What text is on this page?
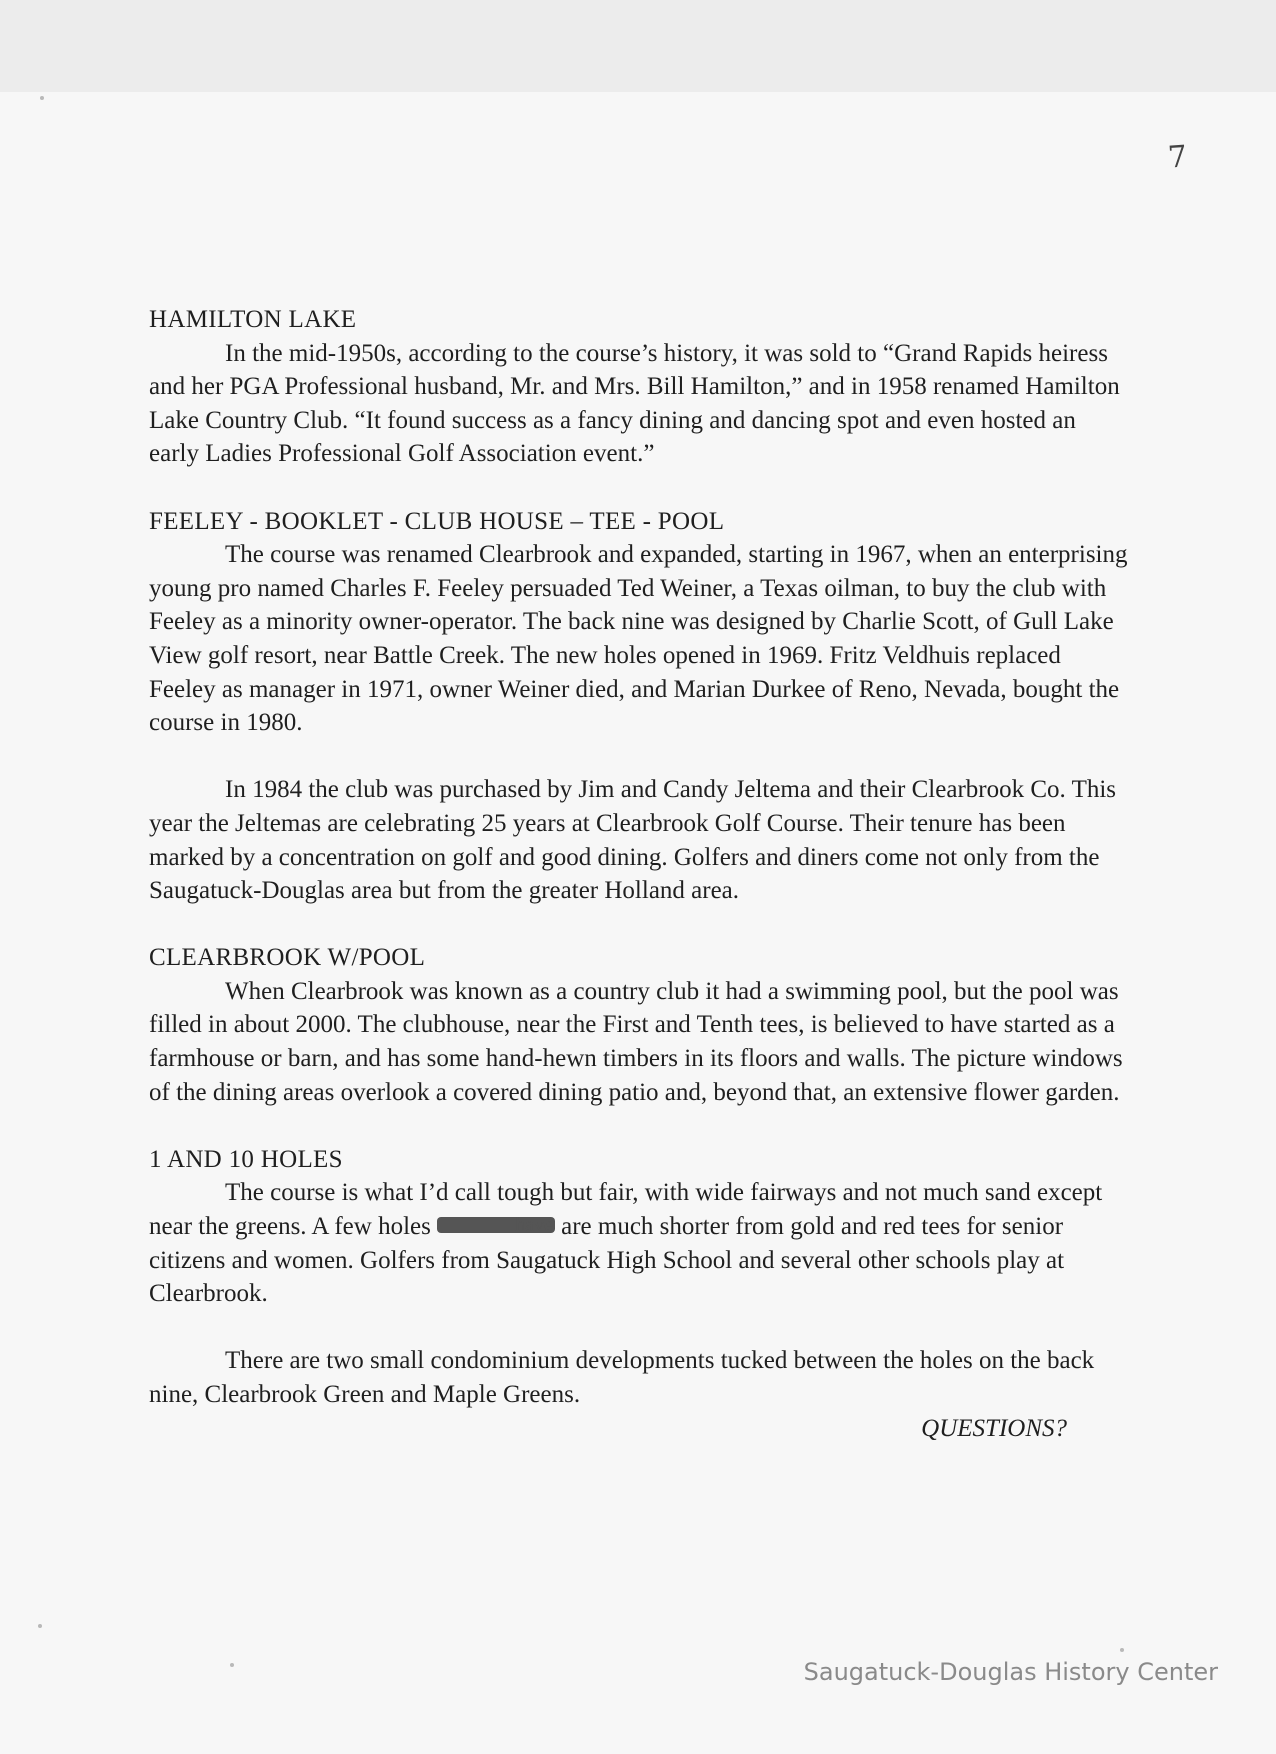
7
HAMILTON LAKE

In the mid-1950s, according to the course’s history, it was sold to “Grand Rapids heiress and her PGA Professional husband, Mr. and Mrs. Bill Hamilton,” and in 1958 renamed Hamilton Lake Country Club. “It found success as a fancy dining and dancing spot and even hosted an early Ladies Professional Golf Association event.”

FEELEY - BOOKLET - CLUB HOUSE – TEE - POOL

The course was renamed Clearbrook and expanded, starting in 1967, when an enterprising young pro named Charles F. Feeley persuaded Ted Weiner, a Texas oilman, to buy the club with Feeley as a minority owner-operator. The back nine was designed by Charlie Scott, of Gull Lake View golf resort, near Battle Creek. The new holes opened in 1969. Fritz Veldhuis replaced Feeley as manager in 1971, owner Weiner died, and Marian Durkee of Reno, Nevada, bought the course in 1980.

In 1984 the club was purchased by Jim and Candy Jeltema and their Clearbrook Co. This year the Jeltemas are celebrating 25 years at Clearbrook Golf Course. Their tenure has been marked by a concentration on golf and good dining. Golfers and diners come not only from the Saugatuck-Douglas area but from the greater Holland area.

CLEARBROOK W/POOL

When Clearbrook was known as a country club it had a swimming pool, but the pool was filled in about 2000. The clubhouse, near the First and Tenth tees, is believed to have started as a farmhouse or barn, and has some hand-hewn timbers in its floors and walls. The picture windows of the dining areas overlook a covered dining patio and, beyond that, an extensive flower garden.

1 AND 10 HOLES

The course is what I’d call tough but fair, with wide fairways and not much sand except near the greens. A few holes	have are much shorter from gold and red tees for senior citizens and women. Golfers from Saugatuck High School and several other schools play at Clearbrook.

There are two small condominium developments tucked between the holes on the back nine, Clearbrook Green and Maple Greens.

QUESTIONS?

Saugatuck-Douglas History Center
